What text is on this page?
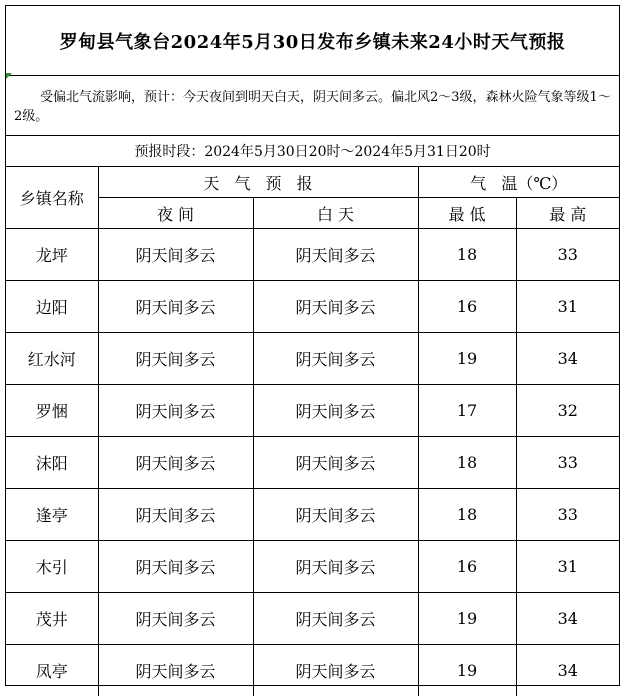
罗甸县气象台2024年5月30日发布乡镇未来24小时天气预报
受偏北气流影响，预计：今天夜间到明天白天，阴天间多云。偏北风2～3级，森林火险气象等级1～2级。
预报时段：2024年5月30日20时～2024年5月31日20时
乡镇名称	天 气 预 报		气 温（℃）	
	夜 间	白 天	最 低	最 高
龙坪	阴天间多云	阴天间多云	18	33
边阳	阴天间多云	阴天间多云	16	31
红水河	阴天间多云	阴天间多云	19	34
罗悃	阴天间多云	阴天间多云	17	32
沫阳	阴天间多云	阴天间多云	18	33
逢亭	阴天间多云	阴天间多云	18	33
木引	阴天间多云	阴天间多云	16	31
茂井	阴天间多云	阴天间多云	19	34
凤亭	阴天间多云	阴天间多云	19	34
